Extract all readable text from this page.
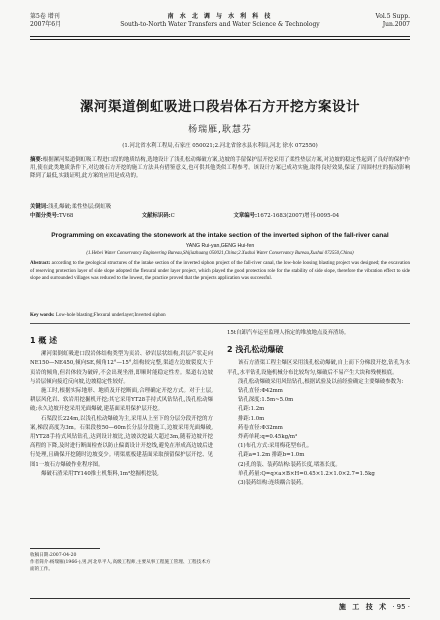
第5卷 增刊
2007年6月
南 水 北 调 与 水 利 科 技
South-to-North Water Transfers and Water Science & Technology
Vol.5 Supp.
Jun.2007
漯河渠道倒虹吸进口段岩体石方开挖方案设计
杨瑞雁,耿慧芬
(1.河北省水利工程局,石家庄 050021;2.河北省徐水县水利局,河北 徐水 072550)
摘要:根据漯河渠道倒虹吸工程进口段的地质结构,选地设计了浅孔松动爆破方案,边坡的手留保护层开挖采用了柔性垫层方案,对边坡的稳定性起到了良好的保护作用,使在此类地质条件下,对边坡石方开挖的施工方法具有借鉴意义,也可供其他类似工程参考。该设计方案已成功实施,取得良好效果,保证了周围村庄的振动影响降到了最低,实践证明,此方案的应用是成功的。
关键词:浅孔爆破;柔性垫层;倒虹吸
中图分类号:TV68	文献标识码:C	文章编号:1672-1683(2007)增刊-0095-04
Programming on excavating the stonework at the intake section of the inverted siphon of the fall-river canal
YANG Rui-yan,GENG Hui-fen
(1.Hebei Water Conservancy Engineering Bureau,Shijiazhuang 050021,China;2.Xushui Water Conservancy Bureau,Xushui 072550,China)
Abstract: according to the geological structures of the intake section of the inverted siphon project of the fall-river canal, the low-hole loosing blasting project was designed; the excavation of reserving protection layer of side slope adopted the flexural under layer project, which played the good protection role for the stability of side slope, therefore the vibration effect to side slope and surrounded villages was reduced to the lowest, the practice proved that the projects application was successful.
Key words: Low-hole blasting;Flexural underlayer;Inverted siphon
1 概 述

漯河渠倒虹吸进口段岩体结构类型为页岩、砂岩层状结构,岩层产状走向NE150—NE450,倾向SE,倾角12°—15°,结构较完整,渠道左边坡裂度大于页岩的倾角,但岩体较为破碎,不会出现坐滑,即顺时能稳定性差。渠道右边坡与岩层倾向接近反向坡,边坡稳定性较好。

施工时,根据实际地形、地质及开挖断面,合理确定开挖方式。对于土层,耕层风化岩、软岩用挖掘机开挖;其它采用YT28手持式风钻钻孔,浅孔松动爆破;永久边坡开挖采用光面爆破,建基面采用保护层开挖。

石渠段长224m,以浅孔松动爆破为主,采用从上至下的分层分段开挖的方案,梯段高度为3m。石渠段按50—60m长分层分段施工,边坡采用光面爆破,用YT28手持式风钻钻孔,达到设计坡比,边坡次挖最大超过3m,随着边坡开挖高程的下降,及时进行断面检查以防止偏离设计开挖线,避免在形成高边坡后进行处理,且确保开挖随时边坡变少。明渠底板建基面采取预留保护层开挖、见图1一坡石方爆破作业程序图。

爆破石渣采用TY140推土机集料,1m³挖掘机挖装,

15t自卸汽车运至监理人指定的堆放地点及弃渣场。

2 浅孔松动爆破

该石方渣渠工程主爆区采用浅孔松动爆破,自上而下分梯段开挖,钻孔为水平孔,水平钻孔设施机械分布比较均匀,爆破后不易产生大块和残梗根底。

浅孔松动爆破采用风钻钻孔,根据试验及以前经验确定主要爆破参数为:

钻孔直径:Φ42mm
钻孔深度:1.5m~5.0m
孔距:1.2m
排距:1.0m
药卷直径:Φ32mm
炸药单耗:q=0.45kg/m³
(1)布孔方式:采用梅花型布孔。
孔距a=1.2m 排距b=1.0m
(2)孔的装、装药结构:装药长度,堵塞长度。
单孔药量:Q=q×a×B×H=0.45×1.2×1.0×2.7=1.5kg
(3)装药结构:连续耦合装药。
收稿日期:2007-04-20
作者简介:杨瑞雁(1966-),男,河北阜平人,高级工程师,主要从事工程施工管理、工程技术方面的工作。
施 工 技 术 · 95 ·
